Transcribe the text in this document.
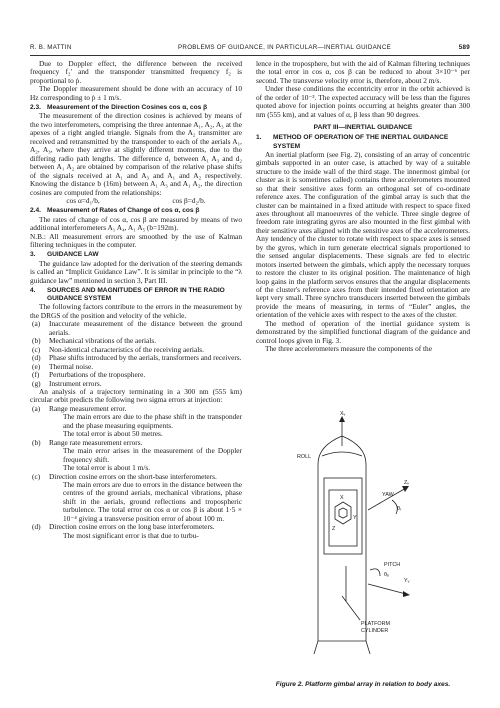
R. B. MATTIN	PROBLEMS OF GUIDANCE, IN PARTICULAR—INERTIAL GUIDANCE	589

Due to Doppler effect, the difference between the received frequency f₂' and the transponder transmitted frequency f₂ is proportional to ṗ.

The Doppler measurement should be done with an accuracy of 10 Hz corresponding to ṗ ± 1 m/s.

2.3. Measurement of the Direction Cosines cos α, cos β

The measurement of the direction cosines is achieved by means of the two interferometers, comprising the three antennae A₁, A₂, A₃ at the apexes of a right angled triangle. Signals from the A₂ transmitter are received and retransmitted by the transponder to each of the aerials A₁, A₂, A₃, where they arrive at slightly different moments, due to the differing radio path lengths. The difference d₁ between A₁ A₃ and d₂ between A₁ A₂ are obtained by comparison of the relative phase shifts of the signals received at A₁ and A₃ and A₁ and A₂ respectively. Knowing the distance b (16m) between A₁ A₃ and A₁ A₂, the direction cosines are computed from the relationships:

cos α=d₁/b,	cos β=d₂/b.
2.4. Measurement of Rates of Change of cos α, cos β

The rates of change of cos α, cos β are measured by means of two additional interferometers A₁ A₄, A₁ A₅ (b=192m).

N.B.: All measurement errors are smoothed by the use of Kalman filtering techniques in the computer.

3.	GUIDANCE LAW

The guidance law adopted for the derivation of the steering demands is called an “Implicit Guidance Law”. It is similar in principle to the “λ guidance law” mentioned in section 3, Part III.

4.	SOURCES AND MAGNITUDES OF ERROR IN THE RADIO GUIDANCE SYSTEM

The following factors contribute to the errors in the measurement by the DRGS of the position and velocity of the vehicle.

(a)	Inaccurate measurement of the distance between the ground aerials.
(b)	Mechanical vibrations of the aerials.
(c)	Non-identical characteristics of the receiving aerials.
(d)	Phase shifts introduced by the aerials, transformers and receivers.
(e)	Thermal noise.
(f)	Perturbations of the troposphere.
(g)	Instrument errors.

An analysis of a trajectory terminating in a 300 nm (555 km) circular orbit predicts the following two sigma errors at injection:

(a)	Range measurement error.

The main errors are due to the phase shift in the transponder and the phase measuring equipments.

The total error is about 50 metres.

(b)	Range rate measurement errors.

The main error arises in the measurement of the Doppler frequency shift.

The total error is about 1 m/s.

(c)	Direction cosine errors on the short-base interferometers.

The main errors are due to errors in the distance between the centres of the ground aerials, mechanical vibrations, phase shift in the aerials, ground reflections and tropospheric turbulence. The total error on cos α or cos β is about 1·5 × 10⁻⁴ giving a transverse position error of about 100 m.

(d)	Direction cosine errors on the long base interferometers.

The most significant error is that due to turbu-

lence in the troposphere, but with the aid of Kalman filtering techniques the total error in cos α, cos β can be reduced to about 3×10⁻⁶ per second. The transverse velocity error is, therefore, about 2 m/s.

Under these conditions the eccentricity error in the orbit achieved is of the order of 10⁻³. The expected accuracy will be less than the figures quoted above for injection points occurring at heights greater than 300 nm (555 km), and at values of α, β less than 90 degrees.

PART III—INERTIAL GUIDANCE
1.	METHOD OF OPERATION OF THE INERTIAL GUIDANCE SYSTEM

An inertial platform (see Fig. 2), consisting of an array of concentric gimbals supported in an outer case, is attached by way of a suitable structure to the inside wall of the third stage. The innermost gimbal (or cluster as it is sometimes called) contains three accelerometers mounted so that their sensitive axes form an orthogonal set of co-ordinate reference axes. The configuration of the gimbal array is such that the cluster can be maintained in a fixed attitude with respect to space fixed axes throughout all manoeuvres of the vehicle. Three single degree of freedom rate integrating gyros are also mounted in the first gimbal with their sensitive axes aligned with the sensitive axes of the accelerometers. Any tendency of the cluster to rotate with respect to space axes is sensed by the gyros, which in turn generate electrical signals proportioned to the sensed angular displacements. These signals are fed to electric motors inserted between the gimbals, which apply the necessary torques to restore the cluster to its original position. The maintenance of high loop gains in the platform servos ensures that the angular displacements of the cluster's reference axes from their intended fixed orientation are kept very small. Three synchro transducers inserted between the gimbals provide the means of measuring, in terms of “Euler” angles, the orientation of the vehicle axes with respect to the axes of the cluster.

The method of operation of the inertial guidance system is demonstrated by the simplified functional diagram of the guidance and control loops given in Fig. 3.

The three accelerometers measure the components of the

Xᵥ
ROLL
YAW
Zᵥ
θᵣ
PITCH
θₚ
Yᵥ
PLATFORM
CYLINDER
X
Y
Z
Figure 2. Platform gimbal array in relation to body axes.
